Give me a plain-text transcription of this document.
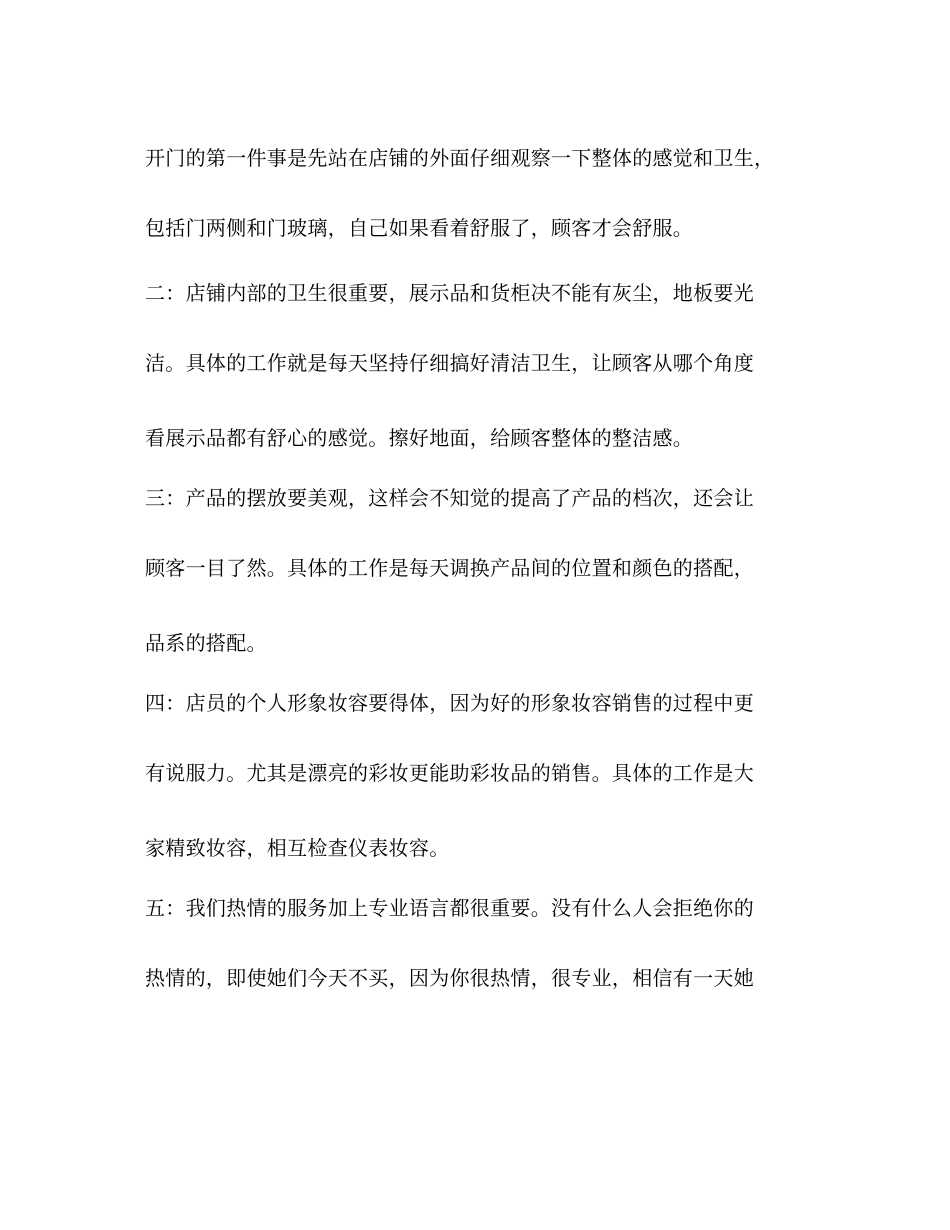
开门的第一件事是先站在店铺的外面仔细观察一下整体的感觉和卫生，
包括门两侧和门玻璃，自己如果看着舒服了，顾客才会舒服。
二：店铺内部的卫生很重要，展示品和货柜决不能有灰尘，地板要光
洁。具体的工作就是每天坚持仔细搞好清洁卫生，让顾客从哪个角度
看展示品都有舒心的感觉。擦好地面，给顾客整体的整洁感。
三：产品的摆放要美观，这样会不知觉的提高了产品的档次，还会让
顾客一目了然。具体的工作是每天调换产品间的位置和颜色的搭配，
品系的搭配。
四：店员的个人形象妆容要得体，因为好的形象妆容销售的过程中更
有说服力。尤其是漂亮的彩妆更能助彩妆品的销售。具体的工作是大
家精致妆容，相互检查仪表妆容。
五：我们热情的服务加上专业语言都很重要。没有什么人会拒绝你的
热情的，即使她们今天不买，因为你很热情，很专业，相信有一天她
